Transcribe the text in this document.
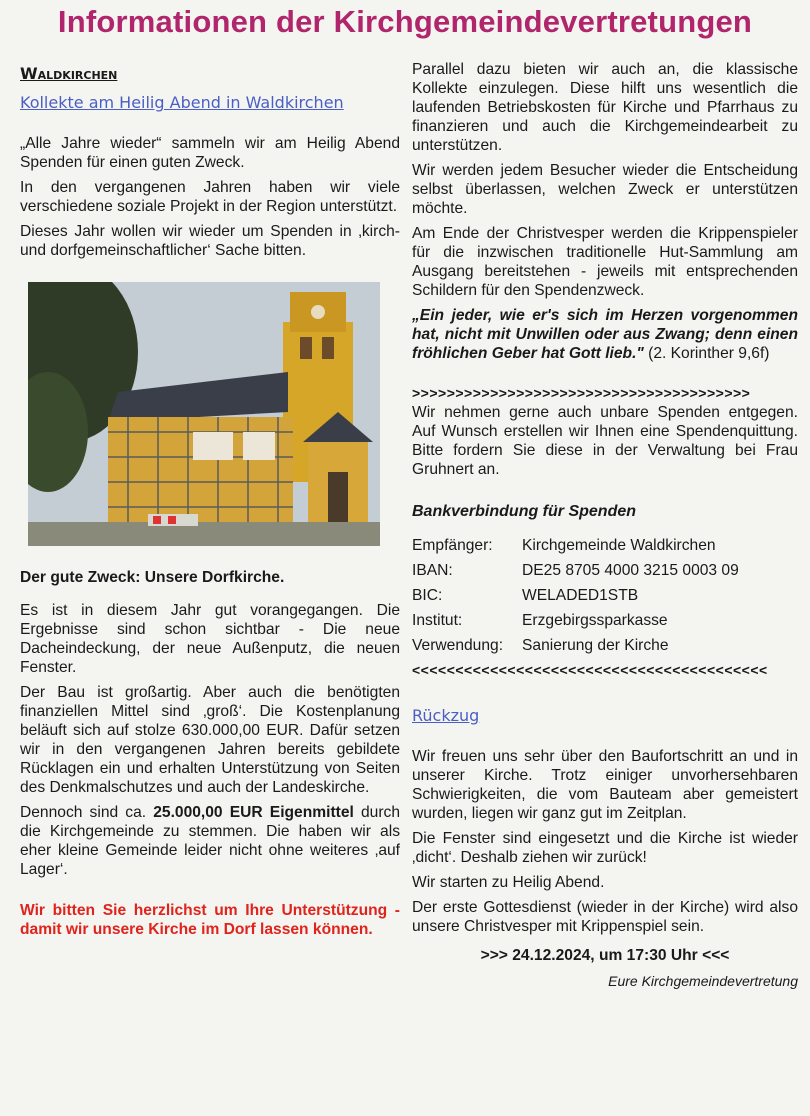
Informationen der Kirchgemeindevertretungen
Waldkirchen
Kollekte am Heilig Abend in Waldkirchen

„Alle Jahre wieder“ sammeln wir am Heilig Abend Spenden für einen guten Zweck.

In den vergangenen Jahren haben wir viele verschiedene soziale Projekt in der Region unterstützt.

Dieses Jahr wollen wir wieder um Spenden in ‚kirch- und dorfgemeinschaftlicher‘ Sache bitten.

Der gute Zweck: Unsere Dorfkirche.

Es ist in diesem Jahr gut vorangegangen. Die Ergebnisse sind schon sichtbar - Die neue Dacheindeckung, der neue Außenputz, die neuen Fenster.

Der Bau ist großartig. Aber auch die benötigten finanziellen Mittel sind ‚groß‘. Die Kostenplanung beläuft sich auf stolze 630.000,00 EUR. Dafür setzen wir in den vergangenen Jahren bereits gebildete Rücklagen ein und erhalten Unterstützung von Seiten des Denkmalschutzes und auch der Landeskirche.

Dennoch sind ca. 25.000,00 EUR Eigenmittel durch die Kirchgemeinde zu stemmen. Die haben wir als eher kleine Gemeinde leider nicht ohne weiteres ‚auf Lager‘.

Wir bitten Sie herzlichst um Ihre Unterstützung - damit wir unsere Kirche im Dorf lassen können.

Parallel dazu bieten wir auch an, die klassische Kollekte einzulegen. Diese hilft uns wesentlich die laufenden Betriebskosten für Kirche und Pfarrhaus zu finanzieren und auch die Kirchgemeindearbeit zu unterstützen.

Wir werden jedem Besucher wieder die Entscheidung selbst überlassen, welchen Zweck er unterstützen möchte.

Am Ende der Christvesper werden die Krippenspieler für die inzwischen traditionelle Hut-Sammlung am Ausgang bereitstehen - jeweils mit entsprechenden Schildern für den Spendenzweck.

„Ein jeder, wie er's sich im Herzen vorgenommen hat, nicht mit Unwillen oder aus Zwang; denn einen fröhlichen Geber hat Gott lieb." (2. Korinther 9,6f)

>>>>>>>>>>>>>>>>>>>>>>>>>>>>>>>>>>>>>>>

Wir nehmen gerne auch unbare Spenden entgegen. Auf Wunsch erstellen wir Ihnen eine Spendenquittung. Bitte fordern Sie diese in der Verwaltung bei Frau Gruhnert an.

Bankverbindung für Spenden
Empfänger:	Kirchgemeinde Waldkirchen
IBAN:	DE25 8705 4000 3215 0003 09
BIC:	WELADED1STB
Institut:	Erzgebirgssparkasse
Verwendung:	Sanierung der Kirche
<<<<<<<<<<<<<<<<<<<<<<<<<<<<<<<<<<<<<<<<<
Rückzug

Wir freuen uns sehr über den Baufortschritt an und in unserer Kirche. Trotz einiger unvorhersehbaren Schwierigkeiten, die vom Bauteam aber gemeistert wurden, liegen wir ganz gut im Zeitplan.

Die Fenster sind eingesetzt und die Kirche ist wieder ‚dicht‘. Deshalb ziehen wir zurück!

Wir starten zu Heilig Abend.

Der erste Gottesdienst (wieder in der Kirche) wird also unsere Christvesper mit Krippenspiel sein.

>>> 24.12.2024, um 17:30 Uhr <<<

Eure Kirchgemeindevertretung
